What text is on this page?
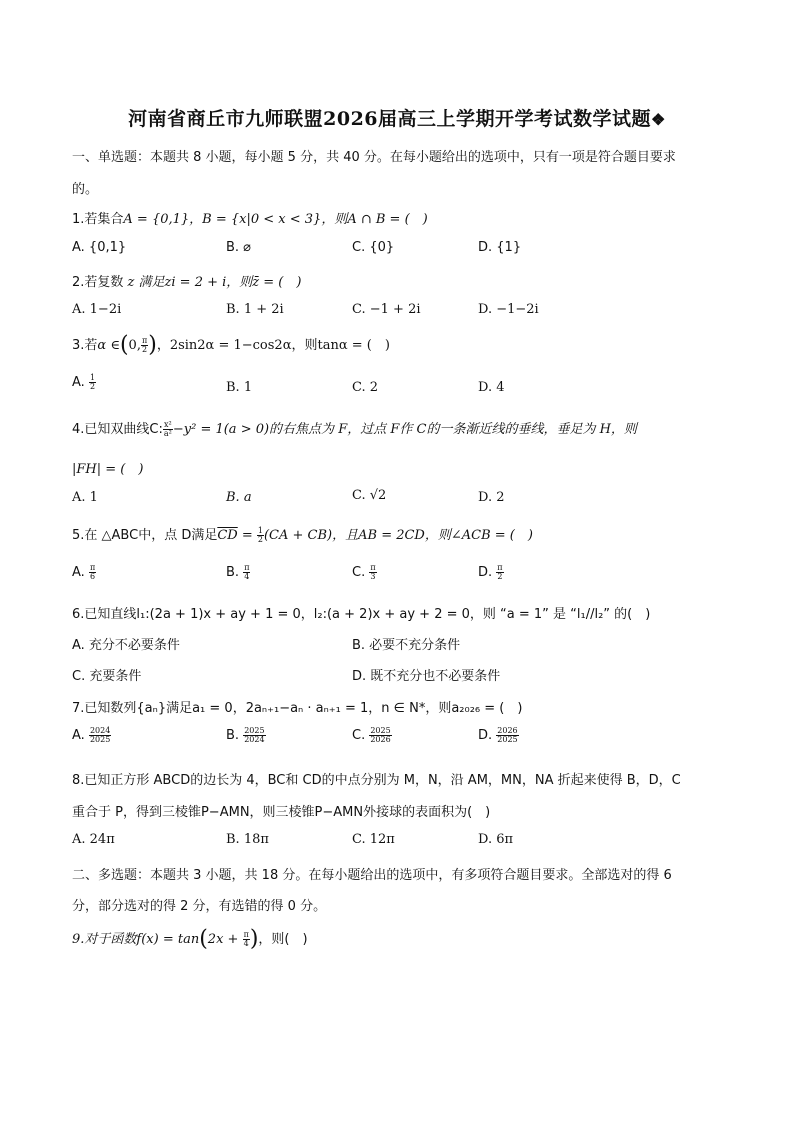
河南省商丘市九师联盟2026届高三上学期开学考试数学试题❖
一、单选题：本题共 8 小题，每小题 5 分，共 40 分。在每小题给出的选项中，只有一项是符合题目要求
的。
1.若集合A = {0,1}，B = {x|0 < x < 3}，则A ∩ B = (　)
A. {0,1}	B. ⌀	C. {0}	D. {1}
2.若复数 z 满足zi = 2 + i，则z̄ = (　)
A. 1−2i	B. 1 + 2i	C. −1 + 2i	D. −1−2i
3.若α ∈(0, $\frac{\pi}{2}$ )，2sin2α = 1−cos2α，则tanα = (　)
A. $\frac{1}{2}$	B. 1	C. 2	D. 4
4.已知双曲线C: $\frac{\text{x²}}{\text{a²}} -y^2 = 1(a > 0)$的右焦点为 F，过点 F作 C的一条渐近线的垂线，垂足为 H，则
|FH| = (　)
A. 1	B. a	C. √2	D. 2
5.在 △ABC中，点 D满足$\overline{CD} = \frac{1}{2} (CA + CB)$，且AB = 2CD，则∠ACB = (　)
A. $\frac{\pi}{6}$	B. $\frac{\pi}{4}$	C. $\frac{\pi}{3}$	D. $\frac{\pi}{2}$
6.已知直线l₁:(2a + 1)x + ay + 1 = 0，l₂:(a + 2)x + ay + 2 = 0，则 “a = 1” 是 “l₁//l₂” 的(　)
A. 充分不必要条件	B. 必要不充分条件
C. 充要条件	D. 既不充分也不必要条件
7.已知数列{aₙ}满足a₁ = 0，2aₙ₊₁−aₙ · aₙ₊₁ = 1，n ∈ N*，则a₂₀₂₆ = (　)
A. $\frac{2024}{2025}$	B. $\frac{2025}{2024}$	C. $\frac{2025}{2026}$	D. $\frac{2026}{2025}$
8.已知正方形 ABCD的边长为 4，BC和 CD的中点分别为 M，N，沿 AM，MN，NA 折起来使得 B，D，C
重合于 P，得到三棱锥P−AMN，则三棱锥P−AMN外接球的表面积为(　)
A. 24π	B. 18π	C. 12π	D. 6π
二、多选题：本题共 3 小题，共 18 分。在每小题给出的选项中，有多项符合题目要求。全部选对的得 6
分，部分选对的得 2 分，有选错的得 0 分。
9.对于函数$f(x) = \tan(2x + \frac{\pi}{4}$ )，则(　)
